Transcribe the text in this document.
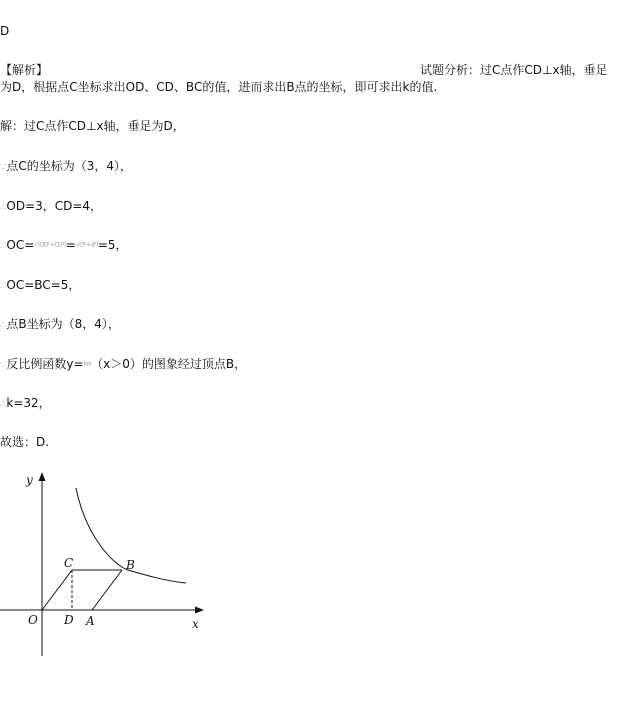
D
【解析】	试题分析：过C点作CD⊥x轴，垂足
为D，根据点C坐标求出OD、CD、BC的值，进而求出B点的坐标，即可求出k的值.
解：过C点作CD⊥x轴，垂足为D，
∵点C的坐标为（3，4），
∴OD=3，CD=4，
∴OC=√(OD²+CD²)=√(3²+4²)=5，
∴OC=BC=5，
∴点B坐标为（8，4），
∵反比例函数y=k/x（x＞0）的图象经过顶点B，
∴k=32，
故选：D.
y
x
O
C	B
D A
